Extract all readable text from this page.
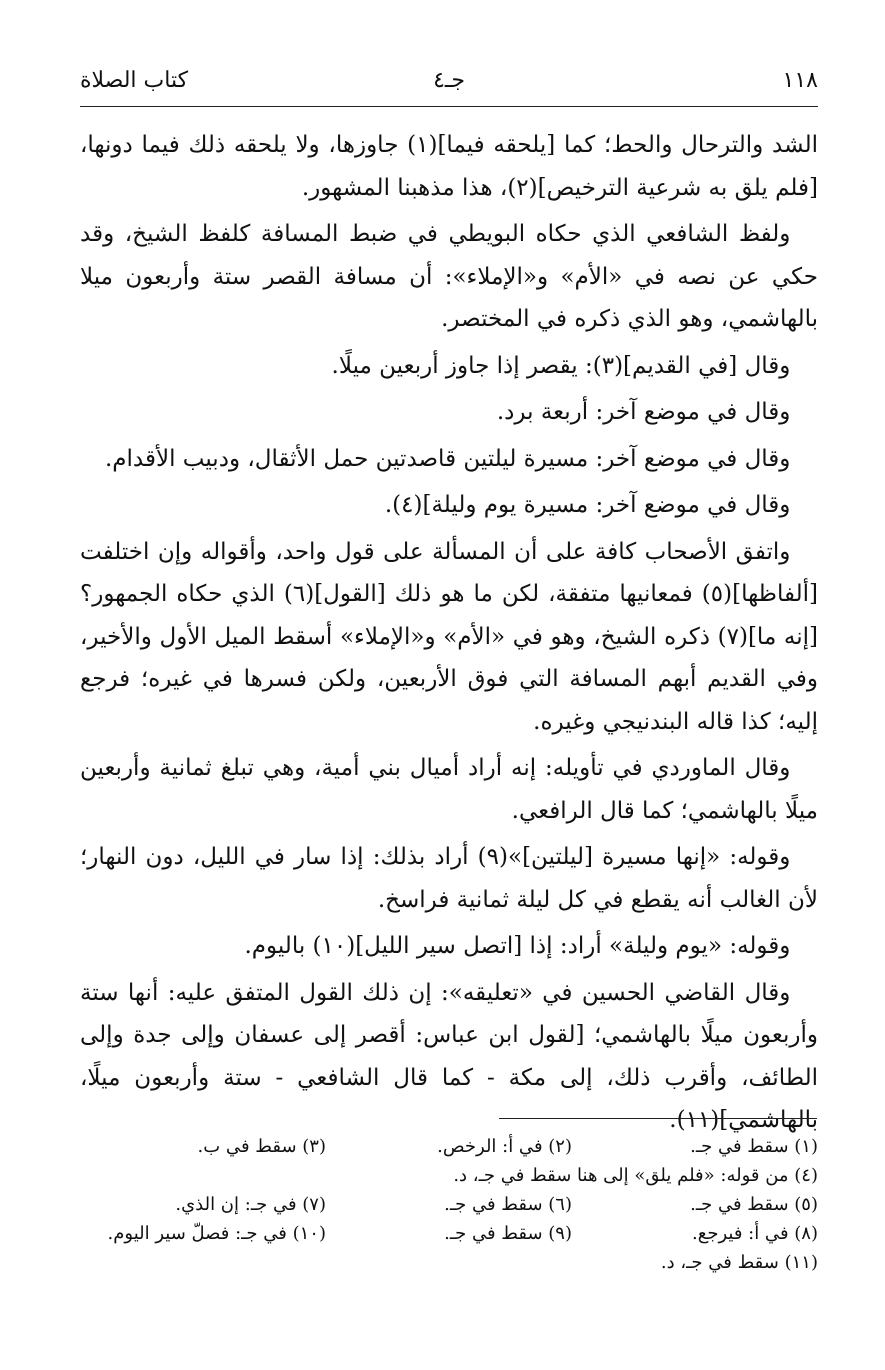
١١٨
جـ٤
كتاب الصلاة

الشد والترحال والحط؛ كما [يلحقه فيما](١) جاوزها، ولا يلحقه ذلك فيما دونها، [فلم يلق به شرعية الترخيص](٢)، هذا مذهبنا المشهور.

ولفظ الشافعي الذي حكاه البويطي في ضبط المسافة كلفظ الشيخ، وقد حكي عن نصه في «الأم» و«الإملاء»: أن مسافة القصر ستة وأربعون ميلا بالهاشمي، وهو الذي ذكره في المختصر.

وقال [في القديم](٣): يقصر إذا جاوز أربعين ميلًا.

وقال في موضع آخر: أربعة برد.

وقال في موضع آخر: مسيرة ليلتين قاصدتين حمل الأثقال، ودبيب الأقدام.

وقال في موضع آخر: مسيرة يوم وليلة](٤).

واتفق الأصحاب كافة على أن المسألة على قول واحد، وأقواله وإن اختلفت [ألفاظها](٥) فمعانيها متفقة، لكن ما هو ذلك [القول](٦) الذي حكاه الجمهور؟ [إنه ما](٧) ذكره الشيخ، وهو في «الأم» و«الإملاء» أسقط الميل الأول والأخير، وفي القديم أبهم المسافة التي فوق الأربعين، ولكن فسرها في غيره؛ فرجع إليه؛ كذا قاله البندنيجي وغيره.

وقال الماوردي في تأويله: إنه أراد أميال بني أمية، وهي تبلغ ثمانية وأربعين ميلًا بالهاشمي؛ كما قال الرافعي.

وقوله: «إنها مسيرة [ليلتين]»(٩) أراد بذلك: إذا سار في الليل، دون النهار؛ لأن الغالب أنه يقطع في كل ليلة ثمانية فراسخ.

وقوله: «يوم وليلة» أراد: إذا [اتصل سير الليل](١٠) باليوم.

وقال القاضي الحسين في «تعليقه»: إن ذلك القول المتفق عليه: أنها ستة وأربعون ميلًا بالهاشمي؛ [لقول ابن عباس: أقصر إلى عسفان وإلى جدة وإلى الطائف، وأقرب ذلك، إلى مكة - كما قال الشافعي - ستة وأربعون ميلًا، بالهاشمي](١١).

(١) سقط في جـ.
(٢) في أ: الرخص.
(٣) سقط في ب.
(٤) من قوله: «فلم يلق» إلى هنا سقط في جـ، د.
(٥) سقط في جـ.
(٦) سقط في جـ.
(٧) في جـ: إن الذي.
(٨) في أ: فيرجع.
(٩) سقط في جـ.
(١٠) في جـ: فصلّ سير اليوم.
(١١) سقط في جـ، د.
